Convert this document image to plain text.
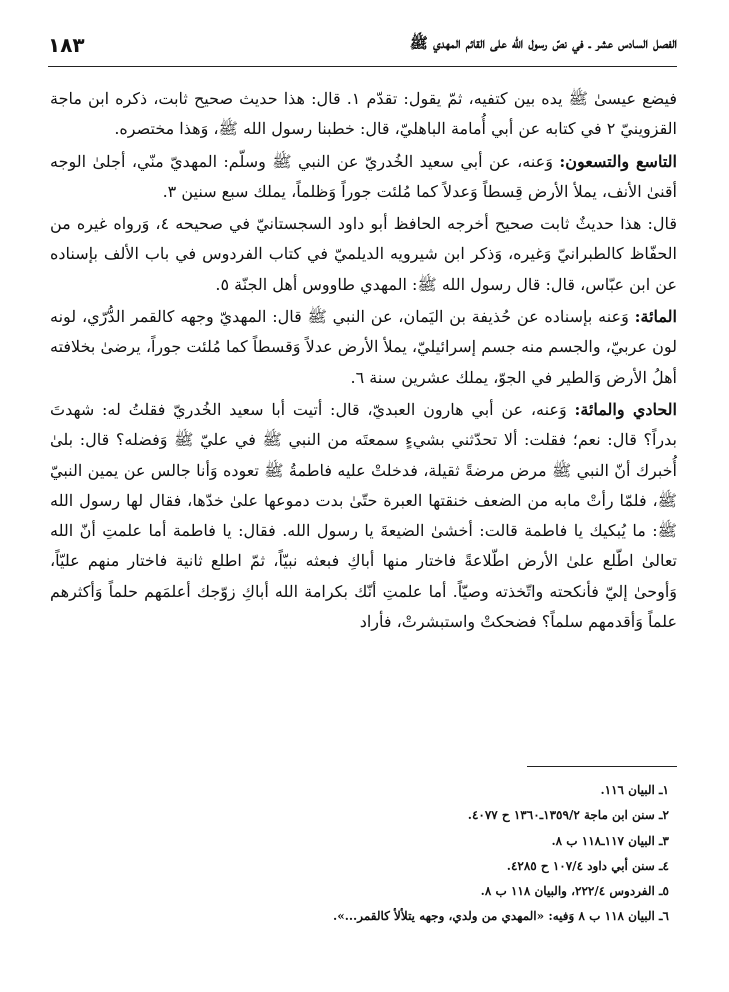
الفصل السادس عشر ـ في نصّ رسول الله على القائم المهدي ﷺ
١٨٣

فيضع عيسىٰ ﷺ يده بين كتفيه، ثمّ يقول: تقدّم ١. قال: هذا حديث صحيح ثابت، ذكره ابن ماجة القزوينيّ ٢ في كتابه عن أبي أُمامة الباهليّ، قال: خطبنا رسول الله ﷺ، وَهذا مختصره.

التاسع والتسعون: وَعنه، عن أبي سعيد الخُدريّ عن النبي ﷺ وسلّم: المهديّ منّي، أجلىٰ الوجه أقنىٰ الأنف، يملأ الأرض قِسطاً وَعدلاً كما مُلئت جوراً وَظلماً، يملك سبع سنين ٣.

قال: هذا حديثٌ ثابت صحيح أخرجه الحافظ أبو داود السجستانيّ في صحيحه ٤، وَرواه غيره من الحفّاظ كالطبرانيّ وَغيره، وَذكر ابن شيرويه الديلميّ في كتاب الفردوس في باب الألف بإسناده عن ابن عبّاس، قال: قال رسول الله ﷺ: المهدي طاووس أهل الجنّة ٥.

المائة: وَعنه بإسناده عن حُذيفة بن اليَمان، عن النبي ﷺ قال: المهديّ وجهه كالقمر الدُّرّي، لونه لون عربيّ، والجسم منه جسم إسرائيليّ، يملأ الأرض عدلاً وَقسطاً كما مُلئت جوراً، يرضىٰ بخلافته أهلُ الأرض وَالطير في الجوّ، يملك عشرين سنة ٦.

الحادي والمائة: وَعنه، عن أبي هارون العبديّ، قال: أتيت أبا سعيد الخُدريّ فقلتُ له: شهدتَ بدراً؟ قال: نعم؛ فقلت: ألا تحدّثني بشيءٍ سمعتَه من النبي ﷺ في عليّ ﷺ وَفضله؟ قال: بلىٰ أُخبرك أنّ النبي ﷺ مرض مرضةً ثقيلة، فدخلتْ عليه فاطمةُ ﷺ تعوده وَأنا جالس عن يمين النبيّ ﷺ، فلمّا رأتْ مابه من الضعف خنقتها العبرة حتّىٰ بدت دموعها علىٰ خدّها، فقال لها رسول الله ﷺ: ما يُبكيك يا فاطمة قالت: أخشىٰ الضيعةَ يا رسول الله. فقال: يا فاطمة أما علمتِ أنّ الله تعالىٰ اطّلع علىٰ الأرض اطّلاعةً فاختار منها أباكِ فبعثه نبيّاً، ثمّ اطلع ثانية فاختار منهم عليّاً، وَأوحىٰ إليّ فأنكحته واتّخذته وصيّاً. أما علمتِ أنّك بكرامة الله أباكِ زوّجك أعلمَهم حلماً وَأكثرهم علماً وَأقدمهم سلماً؟ فضحكتْ واستبشرتْ، فأراد

١ـ البيان ١١٦.
٢ـ سنن ابن ماجة ١٣٥٩/٢ـ١٣٦٠ ح ٤٠٧٧.
٣ـ البيان ١١٧ـ١١٨ ب ٨.
٤ـ سنن أبي داود ١٠٧/٤ ح ٤٢٨٥.
٥ـ الفردوس ٢٢٢/٤، والبيان ١١٨ ب ٨.
٦ـ البيان ١١٨ ب ٨ وَفيه: «المهدي من ولدي، وجهه يتلألأ كالقمر...».
